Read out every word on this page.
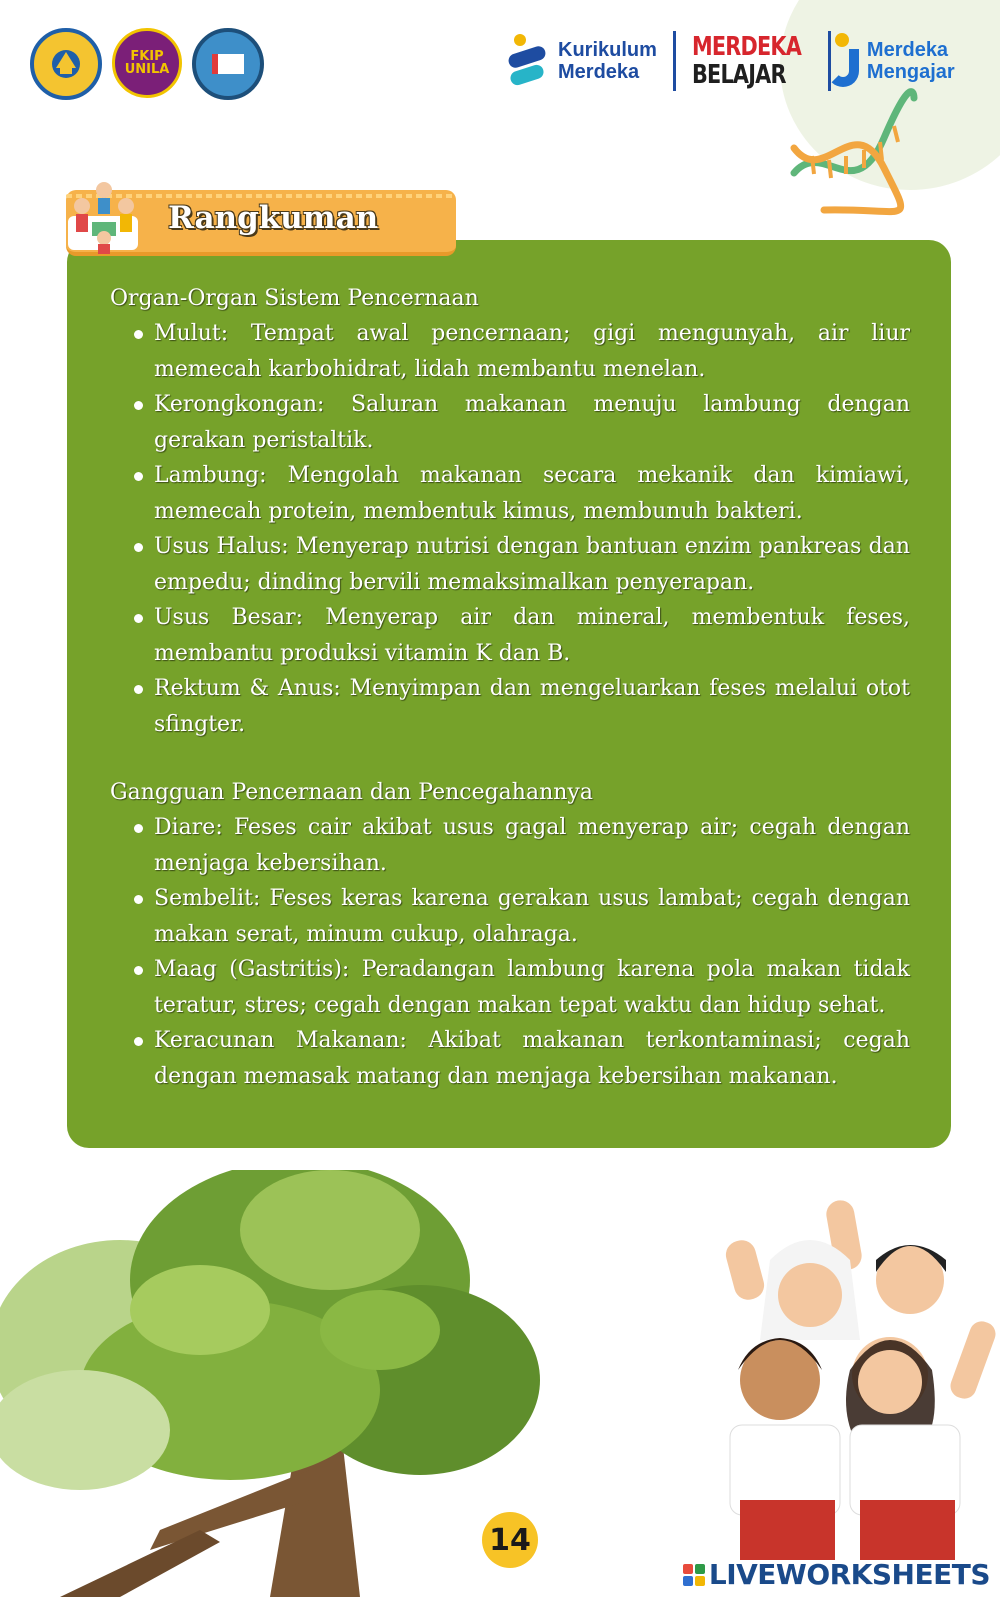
FKIP
UNILA
Kurikulum
Merdeka
MERDEKA
BELAJAR
Merdeka
Mengajar
Rangkuman

Organ-Organ Sistem Pencernaan

Mulut: Tempat awal pencernaan; gigi mengunyah, air liur memecah karbohidrat, lidah membantu menelan.
Kerongkongan: Saluran makanan menuju lambung dengan gerakan peristaltik.
Lambung: Mengolah makanan secara mekanik dan kimiawi, memecah protein, membentuk kimus, membunuh bakteri.
Usus Halus: Menyerap nutrisi dengan bantuan enzim pankreas dan empedu; dinding bervili memaksimalkan penyerapan.
Usus Besar: Menyerap air dan mineral, membentuk feses, membantu produksi vitamin K dan B.
Rektum & Anus: Menyimpan dan mengeluarkan feses melalui otot sfingter.

Gangguan Pencernaan dan Pencegahannya

Diare: Feses cair akibat usus gagal menyerap air; cegah dengan menjaga kebersihan.
Sembelit: Feses keras karena gerakan usus lambat; cegah dengan makan serat, minum cukup, olahraga.
Maag (Gastritis): Peradangan lambung karena pola makan tidak teratur, stres; cegah dengan makan tepat waktu dan hidup sehat.
Keracunan Makanan: Akibat makanan terkontaminasi; cegah dengan memasak matang dan menjaga kebersihan makanan.
14
LIVEWORKSHEETS
